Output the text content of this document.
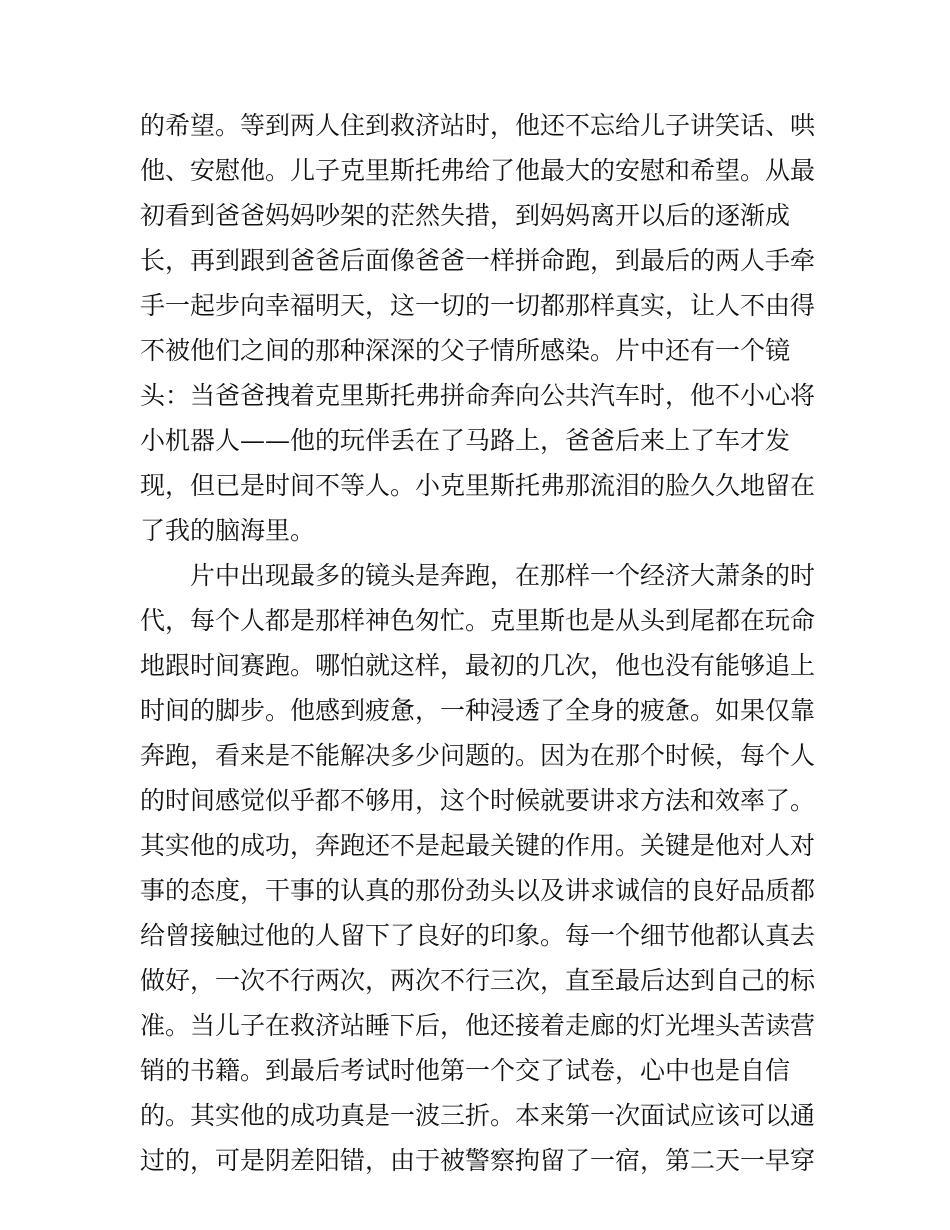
的希望。等到两人住到救济站时，他还不忘给儿子讲笑话、哄
他、安慰他。儿子克里斯托弗给了他最大的安慰和希望。从最
初看到爸爸妈妈吵架的茫然失措，到妈妈离开以后的逐渐成
长，再到跟到爸爸后面像爸爸一样拼命跑，到最后的两人手牵
手一起步向幸福明天，这一切的一切都那样真实，让人不由得
不被他们之间的那种深深的父子情所感染。片中还有一个镜
头：当爸爸拽着克里斯托弗拼命奔向公共汽车时，他不小心将
小机器人——他的玩伴丢在了马路上，爸爸后来上了车才发
现，但已是时间不等人。小克里斯托弗那流泪的脸久久地留在
了我的脑海里。
片中出现最多的镜头是奔跑，在那样一个经济大萧条的时
代，每个人都是那样神色匆忙。克里斯也是从头到尾都在玩命
地跟时间赛跑。哪怕就这样，最初的几次，他也没有能够追上
时间的脚步。他感到疲惫，一种浸透了全身的疲惫。如果仅靠
奔跑，看来是不能解决多少问题的。因为在那个时候，每个人
的时间感觉似乎都不够用，这个时候就要讲求方法和效率了。
其实他的成功，奔跑还不是起最关键的作用。关键是他对人对
事的态度，干事的认真的那份劲头以及讲求诚信的良好品质都
给曾接触过他的人留下了良好的印象。每一个细节他都认真去
做好，一次不行两次，两次不行三次，直至最后达到自己的标
准。当儿子在救济站睡下后，他还接着走廊的灯光埋头苦读营
销的书籍。到最后考试时他第一个交了试卷，心中也是自信
的。其实他的成功真是一波三折。本来第一次面试应该可以通
过的，可是阴差阳错，由于被警察拘留了一宿，第二天一早穿
